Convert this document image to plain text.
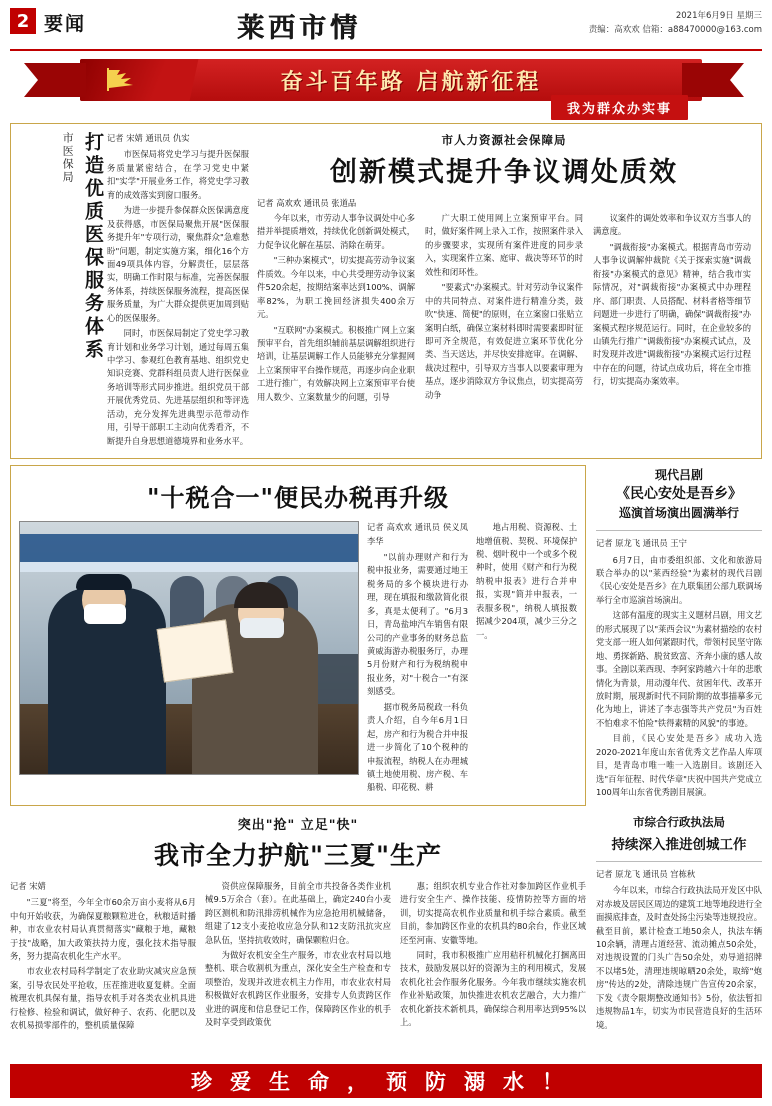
2 要闻	莱西市情	2021年6月9日 星期三
责编：高欢欢 信箱：a88470000@163.com
奋斗百年路 启航新征程
我为群众办实事
打造优质医保服务体系
市医保局	记者 宋婧 通讯员 仇实

市医保局将党史学习与提升医保服务质量紧密结合，在学习党史中紧扣"实学"开展业务工作，将党史学习教育的成效落实到窗口服务。

为进一步提升参保群众医保满意度及获得感，市医保局聚焦开展"医保服务提升年"专项行动，聚焦群众"急难愁盼"问题，制定实施方案，细化16个方面49项具体内容，分解责任，层层落实，明确工作时限与标准，完善医保服务体系，持续医保服务流程，提高医保服务质量，为广大群众提供更加周到贴心的医保服务。

同时，市医保局制定了党史学习教育计划和业务学习计划，通过每周五集中学习、参观红色教育基地、组织党史知识竞赛、党群科组员责人进行医保业务培训等形式同步推进。组织党员干部开展优秀党员、先进基层组织和等评选活动，充分发挥先进典型示范带动作用，引导干部职工主动向优秀看齐，不断提升自身思想道德境界和业务水平。

市人力资源社会保障局
创新模式提升争议调处质效
记者 高欢欢 通讯员 张道品

今年以来，市劳动人事争议调处中心多措并举提质增效，持续优化创新调处模式，力促争议化解在基层、消除在萌芽。

"三种办案模式"，切实提高劳动争议案件质效。今年以来，中心共受理劳动争议案件520余起，按期结案率达到100%、调解率82%，为职工挽回经济损失400余万元。

"互联网"办案模式。积极推广网上立案预审平台，首先组织辅前基层调解组织进行培训，让基层调解工作人员能够充分掌握网上立案预审平台操作规范，再逐步向企业职工进行推广，有效解决网上立案预审平台使用人数少、立案数量少的问题，引导

广大职工使用网上立案预审平台。同时，做好案件网上录入工作，按照案件录入的步骤要求，实现所有案件进度的同步录入，实现案件立案、庭审、裁决等环节的时效性和闭环性。

"要素式"办案模式。针对劳动争议案件中的共同特点、对案件进行精准分类，鼓吹"快速、简便"的原则，在立案窗口张贴立案明白纸，确保立案材料即时需要素即时征即可齐全规范，有效促进立案环节优化分类、当天送达，并尽快安排庭审。在调解、裁决过程中，引导双方当事人以要素审理为基点，逐步消除双方争议焦点，切实提高劳动争

议案件的调处效率和争议双方当事人的满意度。

"调裁衔接"办案模式。根据青岛市劳动人事争议调解仲裁院《关于探索实施"调裁衔接"办案模式的意见》精神，结合我市实际情况，对"调裁衔接"办案模式中办理程序、部门职责、人员搭配、材料者格等细节问题进一步进行了明确，确保"调裁衔接"办案模式程序规范运行。同时，在企业较多的山镇先行推广"调裁衔接"办案模式试点，及时发现并改进"调裁衔接"办案模式运行过程中存在的问题，待试点成功后，将在全市推行，切实提高办案效率。

"十税合一"便民办税再升级
记者 高欢欢 通讯员 侯义凤 李华

"以前办理财产和行为税申报业务，需要通过地王税务局的多个模块进行办理，现在填报和缴款简化很多，真是太便利了。"6月3日，青岛盐坤汽车销售有限公司的产业事务的财务总监黄威海游办税服务厅，办理5月份财产和行为税纳税申报业务，对"十税合一"有深刻感受。

据市税务局税政一科负责人介绍，自今年6月1日起，房产和行为税合并申报进一步简化了10个税种的申报流程，纳税人在办理城镇土地使用税、房产税、车船税、印花税、耕

地占用税、资源税、土地增值税、契税、环境保护税、烟叶税中一个或多个税种时，使用《财产和行为税纳税申报表》进行合并申报，实现"简并申报表，一表服多税"，纳税人填报数据减少204项，减少三分之一。

现代吕剧
《民心安处是吾乡》
巡演首场演出圆满举行
记者 原龙飞 通讯员 王宁

6月7日，由市委组织部、文化和旅游局联合举办的以"莱西经验"为素材的现代吕剧《民心安处是吾乡》在九联集团公部九联调场举行全市巡演首场演出。

这部有温度的现实主义题材吕剧，用文艺的形式展现了以"莱西会议"为素材描绘的农村党支部一班人如何紧跟时代，带领村民坚守陈地、勇探新路、脱贫致富、齐奔小康的感人故事。全剧以莱西现、李阿家跨越六十年的悲歌情化为背景，用动漫年代、贫困年代、改革开放时期，展现新时代不同阶期的故事描摹多元化为地上，讲述了李志强等共产党员"为百姓不怕难求不怕险"铁得素精的风貌"的事迹。

目前，《民心安处是吾乡》成功入选2020-2021年度山东省优秀文艺作品人库项目，是青岛市唯一唯一入选剧目。该剧还入选"百年征程、时代华章"庆祝中国共产党成立100周年山东省优秀剧目展演。

突出"抢" 立足"快"
我市全力护航"三夏"生产
记者 宋婧

"三夏"将至，今年全市60余万亩小麦将从6月中旬开始收获，为确保夏粮颗粒进仓，秋粮适时播种，市农业农村局认真贯彻落实"藏粮于地，藏粮于技"战略，加大政策扶持力度，强化技术指导服务，努力提高农机化生产水平。

市农业农村局科学制定了农业助灾减灾应急预案，引导农民处平抢收，压茬推进收夏复耕。全面梳理农机具保有量，指导农机手对各类农业机具进行检修、检验和调试，做好种子、农药、化肥以及农机易损零部件的，整机质量保障

资供应保障服务，目前全市共投备各类作业机械9.5万余合（套）。在此基础上，确定240台小麦跨区测机和防汛排涝机械作为应急抢用机械储备，组建了12支小麦抢收应急分队和12支防汛抗灾应急队伍，坚持抗收效时，确保颗粒归仓。

为做好农机安全生产服务，市农业农村局以地整机、联合收割机为重点，深化安全生产检查和专项整治，发现并改进农机主力作用，市农业农村局积极做好农机跨区作业服务，安排专人负责跨区作业进的调度和信息登记工作，保障跨区作业的机手及时享受到政策优

惠；组织农机专业合作社对参加跨区作业机手进行安全生产、操作技能、疫情防控等方面的培训，切实提高农机作业质量和机手综合素质。截至目前，参加跨区作业的农机具约80余台，作业区域还至河南、安徽等地。

同时，我市积极推广应用秸秆机械化打捆离田技术，鼓励发展以好的资源为主的利用模式，发展农机化社会作服务化服务。今年我市继续实施农机作业补贴政策，加快推进农机农艺融合，大力推广农机化新技术新机具，确保综合利用率达到95%以上。

市综合行政执法局
持续深入推进创城工作
记者 原龙飞 通讯员 宫栋秋

今年以来，市综合行政执法局开发区中队对赤坡及居民区周边的建筑工地等地段进行全面摸底排查，及时查处扬尘污染等违规投应。截至目前，累计检查工地50余人，执法车辆10余辆，清理占道经营、流动摊点50余处，对违规设置的门头广告50余处，劝导道招牌不以堵5处，清理违规晾晒20余处，取缔"炮房"传达的2处，清除违规广告宣传20余家，下发《责令限期整改通知书》5份，依法暂扣违规物品1车，切实为市民营造良好的生活环境。

珍爱生命，预防溺水！
